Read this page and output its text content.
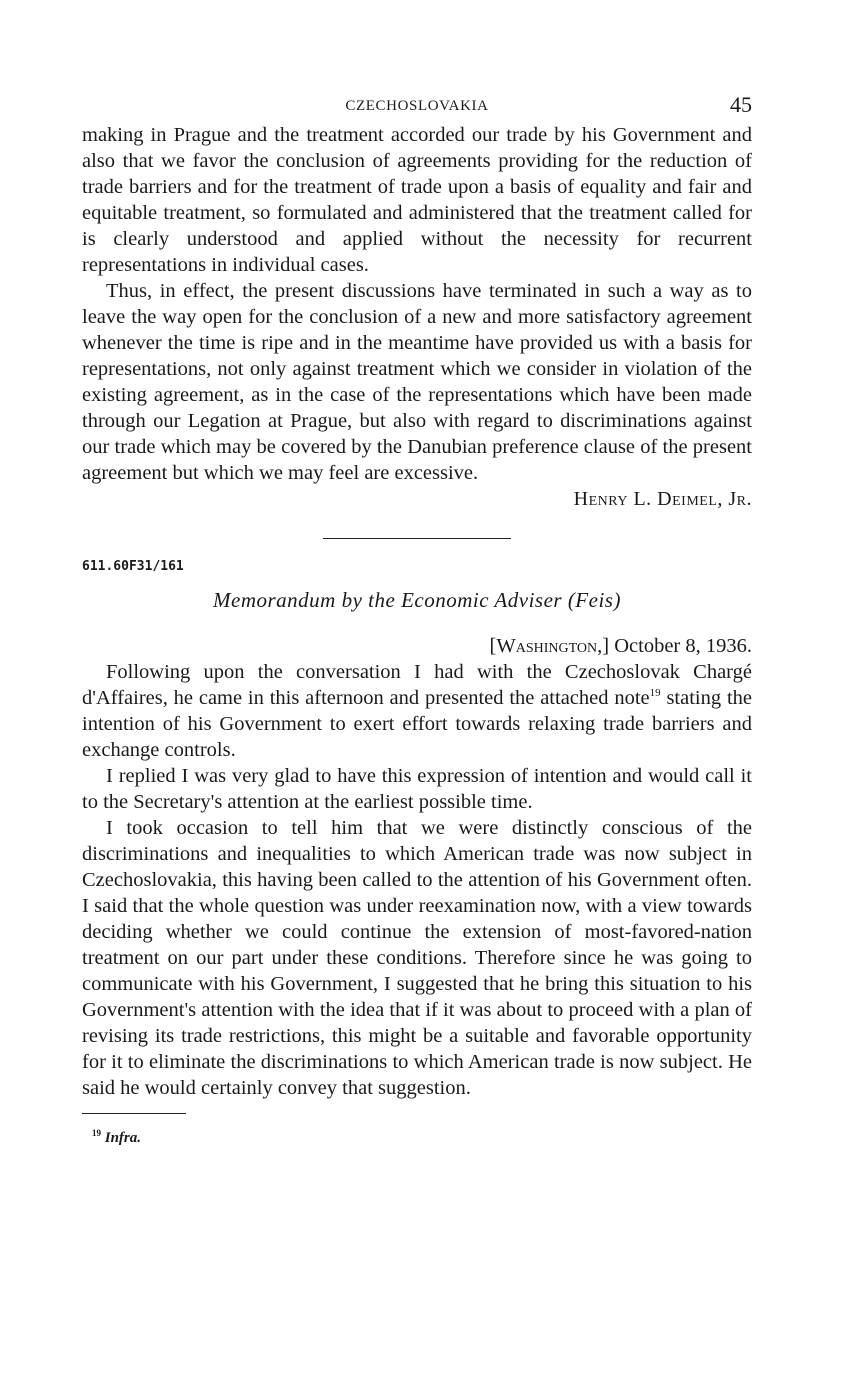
CZECHOSLOVAKIA	45

making in Prague and the treatment accorded our trade by his Government and also that we favor the conclusion of agreements providing for the reduction of trade barriers and for the treatment of trade upon a basis of equality and fair and equitable treatment, so formulated and administered that the treatment called for is clearly understood and applied without the necessity for recurrent representations in individual cases.

Thus, in effect, the present discussions have terminated in such a way as to leave the way open for the conclusion of a new and more satisfactory agreement whenever the time is ripe and in the meantime have provided us with a basis for representations, not only against treatment which we consider in violation of the existing agreement, as in the case of the representations which have been made through our Legation at Prague, but also with regard to discriminations against our trade which may be covered by the Danubian preference clause of the present agreement but which we may feel are excessive.

Henry L. Deimel, Jr.
611.60F31/161
Memorandum by the Economic Adviser (Feis)
[Washington,] October 8, 1936.

Following upon the conversation I had with the Czechoslovak Chargé d'Affaires, he came in this afternoon and presented the attached note$^{19}$ stating the intention of his Government to exert effort towards relaxing trade barriers and exchange controls.

I replied I was very glad to have this expression of intention and would call it to the Secretary's attention at the earliest possible time.

I took occasion to tell him that we were distinctly conscious of the discriminations and inequalities to which American trade was now subject in Czechoslovakia, this having been called to the attention of his Government often. I said that the whole question was under reexamination now, with a view towards deciding whether we could continue the extension of most-favored-nation treatment on our part under these conditions. Therefore since he was going to communicate with his Government, I suggested that he bring this situation to his Government's attention with the idea that if it was about to proceed with a plan of revising its trade restrictions, this might be a suitable and favorable opportunity for it to eliminate the discriminations to which American trade is now subject. He said he would certainly convey that suggestion.

$^{19}$ Infra.
